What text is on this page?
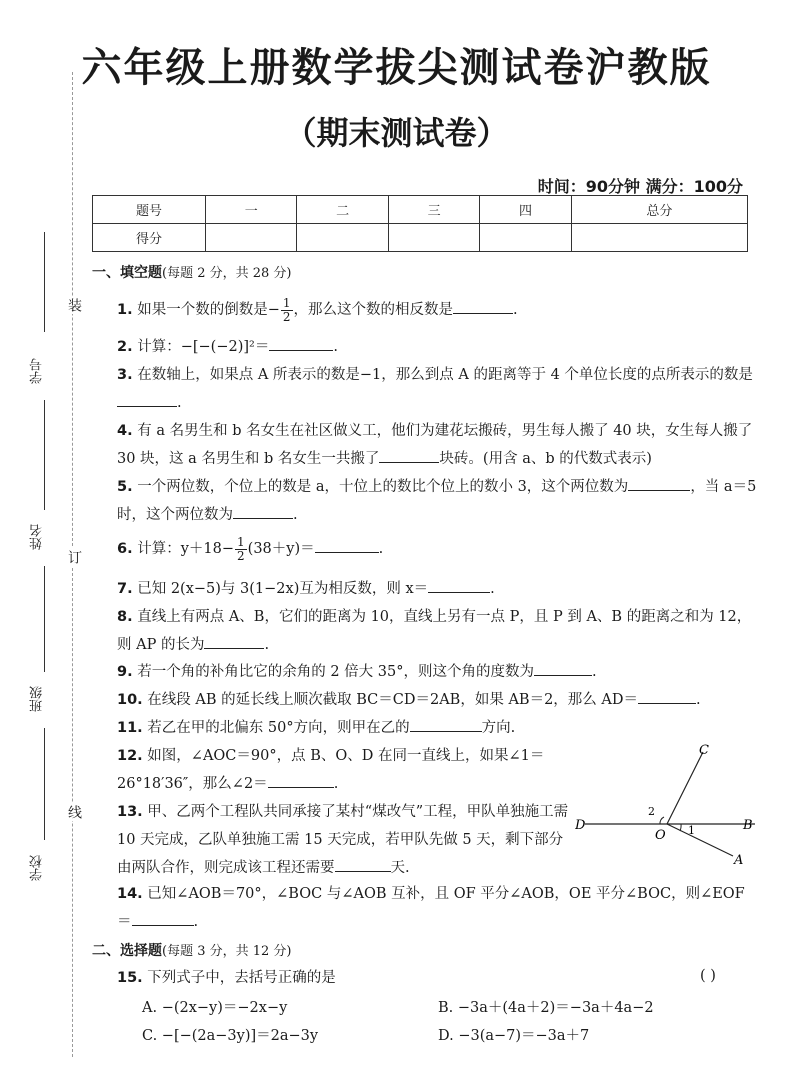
六年级上册数学拔尖测试卷沪教版
（期末测试卷）
时间：90分钟 满分：100分
题号	一	二	三	四	总分
得分					
学号
姓名
班级
学校
装
订
线
一、填空题(每题 2 分，共 28 分)
1. 如果一个数的倒数是− $\frac{1}{2}$ ，那么这个数的相反数是	.
2. 计算：−[−(−2)]²＝	.
3. 在数轴上，如果点 A 所表示的数是−1，那么到点 A 的距离等于 4 个单位长度的点所表示的数是.
4. 有 a 名男生和 b 名女生在社区做义工，他们为建花坛搬砖，男生每人搬了 40 块，女生每人搬了 30 块，这 a 名男生和 b 名女生一共搬了	块砖。(用含 a、b 的代数式表示)
5. 一个两位数，个位上的数是 a，十位上的数比个位上的数小 3，这个两位数为	，当 a＝5 时，这个两位数为	.
6. 计算：$y+18- \frac{1}{2} (38+y)=$	.
7. 已知 2(x−5)与 3(1−2x)互为相反数，则 x＝	.
8. 直线上有两点 A、B，它们的距离为 10，直线上另有一点 P，且 P 到 A、B 的距离之和为 12，则 AP 的长为	.
9. 若一个角的补角比它的余角的 2 倍大 35°，则这个角的度数为	.
10. 在线段 AB 的延长线上顺次截取 BC＝CD＝2AB，如果 AB＝2，那么 AD＝	.
11. 若乙在甲的北偏东 50°方向，则甲在乙的	方向.
12. 如图，∠AOC＝90°，点 B、O、D 在同一直线上，如果∠1＝26°18′36″，那么∠2＝	.
13. 甲、乙两个工程队共同承接了某村“煤改气”工程，甲队单独施工需 10 天完成，乙队单独施工需 15 天完成，若甲队先做 5 天，剩下部分由两队合作，则完成该工程还需要	天.
C
D
O
B
A
1
2
14. 已知∠AOB＝70°，∠BOC 与∠AOB 互补，且 OF 平分∠AOB，OE 平分∠BOC，则∠EOF＝	.
二、选择题(每题 3 分，共 12 分)
15. 下列式子中，去括号正确的是	( )
A. −(2x−y)＝−2x−y	B. −3a＋(4a＋2)＝−3a＋4a−2
C. −[−(2a−3y)]＝2a−3y	D. −3(a−7)＝−3a＋7
